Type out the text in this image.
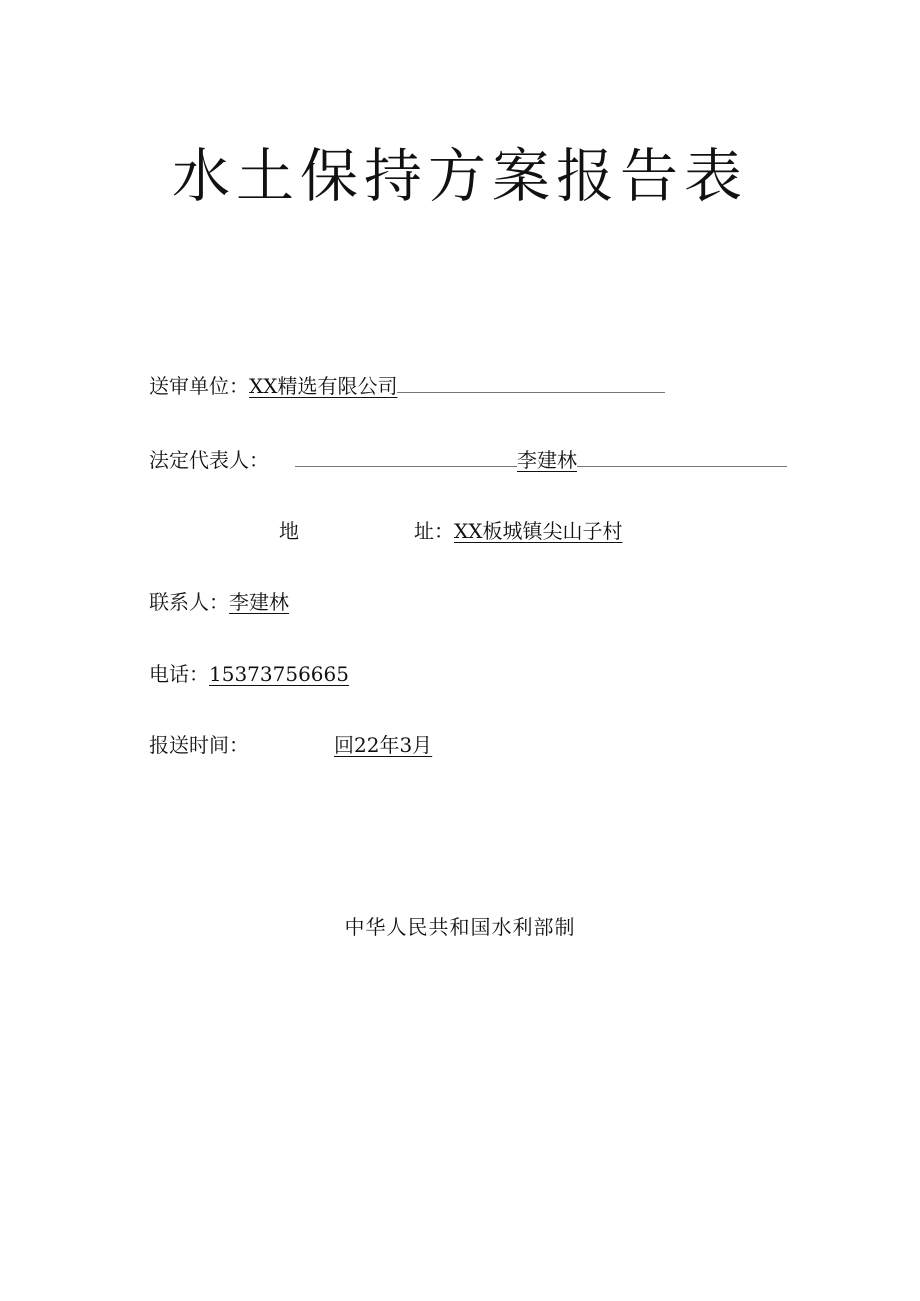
水土保持方案报告表
送审单位： XX精选有限公司
法定代表人：	李建林
地	址： XX板城镇尖山子村
联系人： 李建林
电话： 15373756665
报送时间：	回22年3月
中华人民共和国水利部制
